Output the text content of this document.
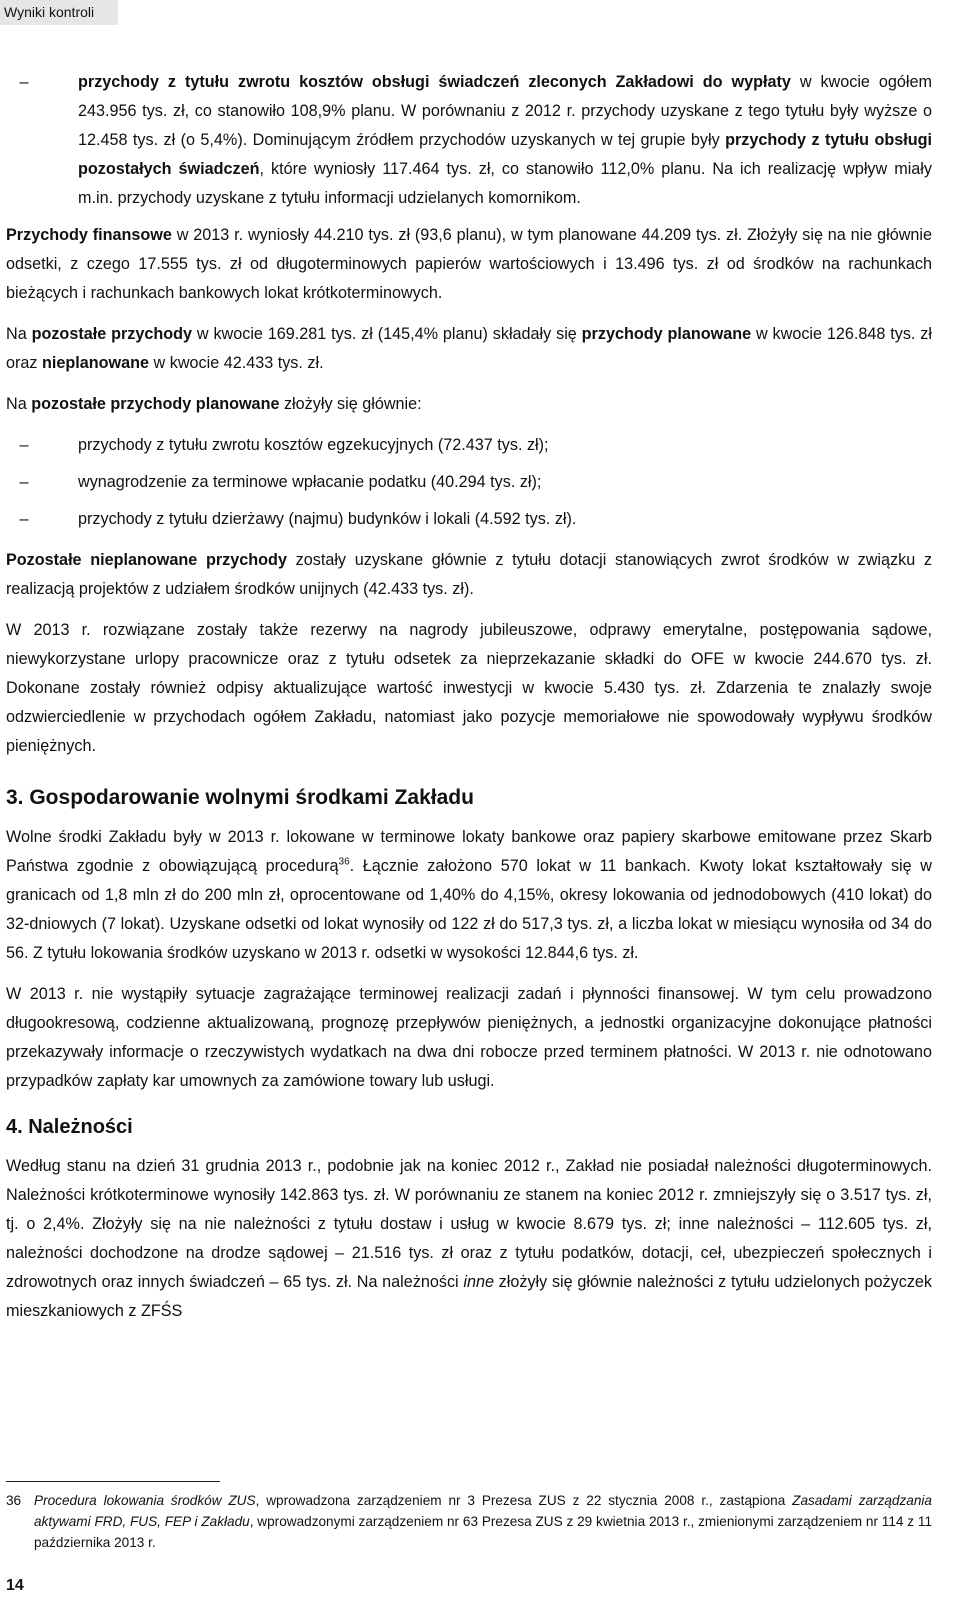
Wyniki kontroli
–	przychody z tytułu zwrotu kosztów obsługi świadczeń zleconych Zakładowi do wypłaty w kwocie ogółem 243.956 tys. zł, co stanowiło 108,9% planu. W porównaniu z 2012 r. przychody uzyskane z tego tytułu były wyższe o 12.458 tys. zł (o 5,4%). Dominującym źródłem przychodów uzyskanych w tej grupie były przychody z tytułu obsługi pozostałych świadczeń, które wyniosły 117.464 tys. zł, co stanowiło 112,0% planu. Na ich realizację wpływ miały m.in. przychody uzyskane z tytułu informacji udzielanych komornikom.

Przychody finansowe w 2013 r. wyniosły 44.210 tys. zł (93,6 planu), w tym planowane 44.209 tys. zł. Złożyły się na nie głównie odsetki, z czego 17.555 tys. zł od długoterminowych papierów wartościowych i 13.496 tys. zł od środków na rachunkach bieżących i rachunkach bankowych lokat krótkoterminowych.

Na pozostałe przychody w kwocie 169.281 tys. zł (145,4% planu) składały się przychody planowane w kwocie 126.848 tys. zł oraz nieplanowane w kwocie 42.433 tys. zł.

Na pozostałe przychody planowane złożyły się głównie:

–	przychody z tytułu zwrotu kosztów egzekucyjnych (72.437 tys. zł);

–	wynagrodzenie za terminowe wpłacanie podatku (40.294 tys. zł);

–	przychody z tytułu dzierżawy (najmu) budynków i lokali (4.592 tys. zł).

Pozostałe nieplanowane przychody zostały uzyskane głównie z tytułu dotacji stanowiących zwrot środków w związku z realizacją projektów z udziałem środków unijnych (42.433 tys. zł).

W 2013 r. rozwiązane zostały także rezerwy na nagrody jubileuszowe, odprawy emerytalne, postępowania sądowe, niewykorzystane urlopy pracownicze oraz z tytułu odsetek za nieprzekazanie składki do OFE w kwocie 244.670 tys. zł. Dokonane zostały również odpisy aktualizujące wartość inwestycji w kwocie 5.430 tys. zł. Zdarzenia te znalazły swoje odzwierciedlenie w przychodach ogółem Zakładu, natomiast jako pozycje memoriałowe nie spowodowały wypływu środków pieniężnych.

3. Gospodarowanie wolnymi środkami Zakładu

Wolne środki Zakładu były w 2013 r. lokowane w terminowe lokaty bankowe oraz papiery skarbowe emitowane przez Skarb Państwa zgodnie z obowiązującą procedurą$^{36}$. Łącznie założono 570 lokat w 11 bankach. Kwoty lokat kształtowały się w granicach od 1,8 mln zł do 200 mln zł, oprocentowane od 1,40% do 4,15%, okresy lokowania od jednodobowych (410 lokat) do 32-dniowych (7 lokat). Uzyskane odsetki od lokat wynosiły od 122 zł do 517,3 tys. zł, a liczba lokat w miesiącu wynosiła od 34 do 56. Z tytułu lokowania środków uzyskano w 2013 r. odsetki w wysokości 12.844,6 tys. zł.

W 2013 r. nie wystąpiły sytuacje zagrażające terminowej realizacji zadań i płynności finansowej. W tym celu prowadzono długookresową, codzienne aktualizowaną, prognozę przepływów pieniężnych, a jednostki organizacyjne dokonujące płatności przekazywały informacje o rzeczywistych wydatkach na dwa dni robocze przed terminem płatności. W 2013 r. nie odnotowano przypadków zapłaty kar umownych za zamówione towary lub usługi.

4. Należności

Według stanu na dzień 31 grudnia 2013 r., podobnie jak na koniec 2012 r., Zakład nie posiadał należności długoterminowych. Należności krótkoterminowe wynosiły 142.863 tys. zł. W porównaniu ze stanem na koniec 2012 r. zmniejszyły się o 3.517 tys. zł, tj. o 2,4%. Złożyły się na nie należności z tytułu dostaw i usług w kwocie 8.679 tys. zł; inne należności – 112.605 tys. zł, należności dochodzone na drodze sądowej – 21.516 tys. zł oraz z tytułu podatków, dotacji, ceł, ubezpieczeń społecznych i zdrowotnych oraz innych świadczeń – 65 tys. zł. Na należności inne złożyły się głównie należności z tytułu udzielonych pożyczek mieszkaniowych z ZFŚS

36 Procedura lokowania środków ZUS, wprowadzona zarządzeniem nr 3 Prezesa ZUS z 22 stycznia 2008 r., zastąpiona Zasadami zarządzania aktywami FRD, FUS, FEP i Zakładu, wprowadzonymi zarządzeniem nr 63 Prezesa ZUS z 29 kwietnia 2013 r., zmienionymi zarządzeniem nr 114 z 11 października 2013 r.

14
